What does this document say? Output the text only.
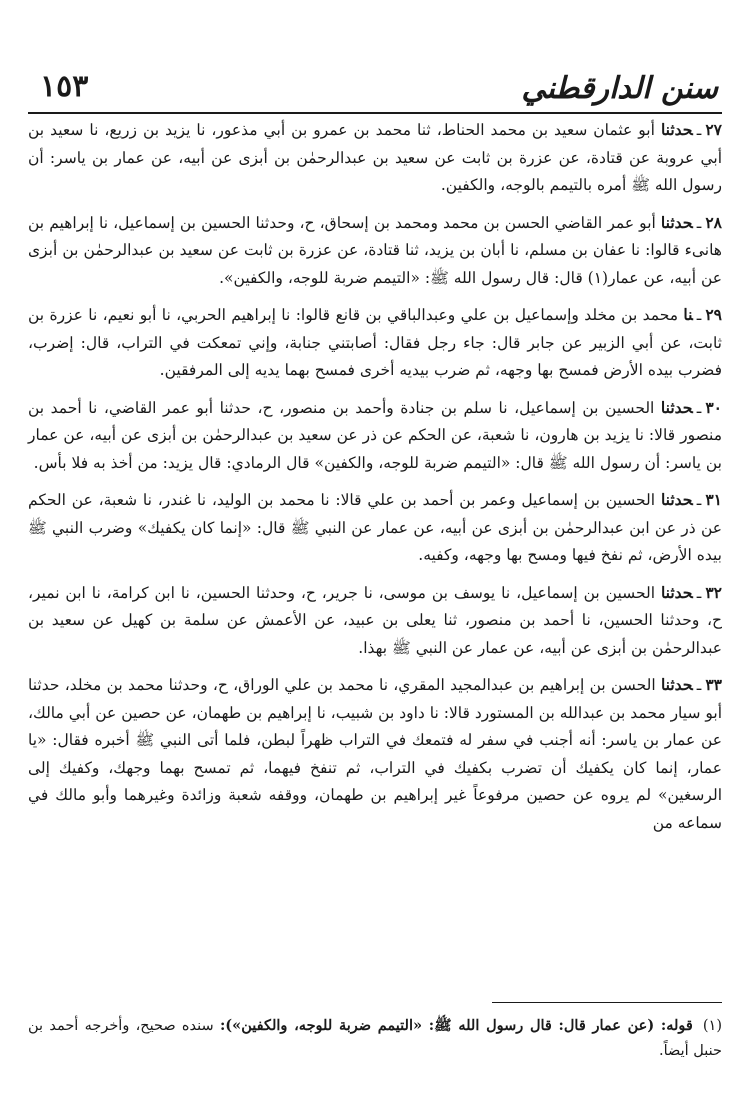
١٥٣	سنن الدارقطني

٢٧ـحدثنا أبو عثمان سعيد بن محمد الحناط، ثنا محمد بن عمرو بن أبي مذعور، نا يزيد بن زريع، نا سعيد بن أبي عروبة عن قتادة، عن عزرة بن ثابت عن سعيد بن عبدالرحمٰن بن أبزى عن أبيه، عن عمار بن ياسر: أن رسول الله ﷺ أمره بالتيمم بالوجه، والكفين.

٢٨ـحدثنا أبو عمر القاضي الحسن بن محمد ومحمد بن إسحاق، ح، وحدثنا الحسين بن إسماعيل، نا إبراهيم بن هانىء قالوا: نا عفان بن مسلم، نا أبان بن يزيد، ثنا قتادة، عن عزرة بن ثابت عن سعيد بن عبدالرحمٰن بن أبزى عن أبيه، عن عمار(١) قال: قال رسول الله ﷺ: «التيمم ضربة للوجه، والكفين».

٢٩ـنا محمد بن مخلد وإسماعيل بن علي وعبدالباقي بن قانع قالوا: نا إبراهيم الحربي، نا أبو نعيم، نا عزرة بن ثابت، عن أبي الزبير عن جابر قال: جاء رجل فقال: أصابتني جنابة، وإني تمعكت في التراب، قال: إضرب، فضرب بيده الأرض فمسح بها وجهه، ثم ضرب بيديه أخرى فمسح بهما يديه إلى المرفقين.

٣٠ـحدثنا الحسين بن إسماعيل، نا سلم بن جنادة وأحمد بن منصور، ح، حدثنا أبو عمر القاضي، نا أحمد بن منصور قالا: نا يزيد بن هارون، نا شعبة، عن الحكم عن ذر عن سعيد بن عبدالرحمٰن بن أبزى عن أبيه، عن عمار بن ياسر: أن رسول الله ﷺ قال: «التيمم ضربة للوجه، والكفين» قال الرمادي: قال يزيد: من أخذ به فلا بأس.

٣١ـحدثنا الحسين بن إسماعيل وعمر بن أحمد بن علي قالا: نا محمد بن الوليد، نا غندر، نا شعبة، عن الحكم عن ذر عن ابن عبدالرحمٰن بن أبزى عن أبيه، عن عمار عن النبي ﷺ قال: «إنما كان يكفيك» وضرب النبي ﷺ بيده الأرض، ثم نفخ فيها ومسح بها وجهه، وكفيه.

٣٢ـحدثنا الحسين بن إسماعيل، نا يوسف بن موسى، نا جرير، ح، وحدثنا الحسين، نا ابن كرامة، نا ابن نمير، ح، وحدثنا الحسين، نا أحمد بن منصور، ثنا يعلى بن عبيد، عن الأعمش عن سلمة بن كهيل عن سعيد بن عبدالرحمٰن بن أبزى عن أبيه، عن عمار عن النبي ﷺ بهذا.

٣٣ـحدثنا الحسن بن إبراهيم بن عبدالمجيد المقري، نا محمد بن علي الوراق، ح، وحدثنا محمد بن مخلد، حدثنا أبو سيار محمد بن عبدالله بن المستورد قالا: نا داود بن شبيب، نا إبراهيم بن طهمان، عن حصين عن أبي مالك، عن عمار بن ياسر: أنه أجنب في سفر له فتمعك في التراب ظهراً لبطن، فلما أتى النبي ﷺ أخبره فقال: «يا عمار، إنما كان يكفيك أن تضرب بكفيك في التراب، ثم تنفخ فيهما، ثم تمسح بهما وجهك، وكفيك إلى الرسغين» لم يروه عن حصين مرفوعاً غير إبراهيم بن طهمان، ووقفه شعبة وزائدة وغيرهما وأبو مالك في سماعه من

(١)قوله: (عن عمار قال: قال رسول الله ﷺ: «التيمم ضربة للوجه، والكفين»): سنده صحيح، وأخرجه أحمد بن حنبل أيضاً.
